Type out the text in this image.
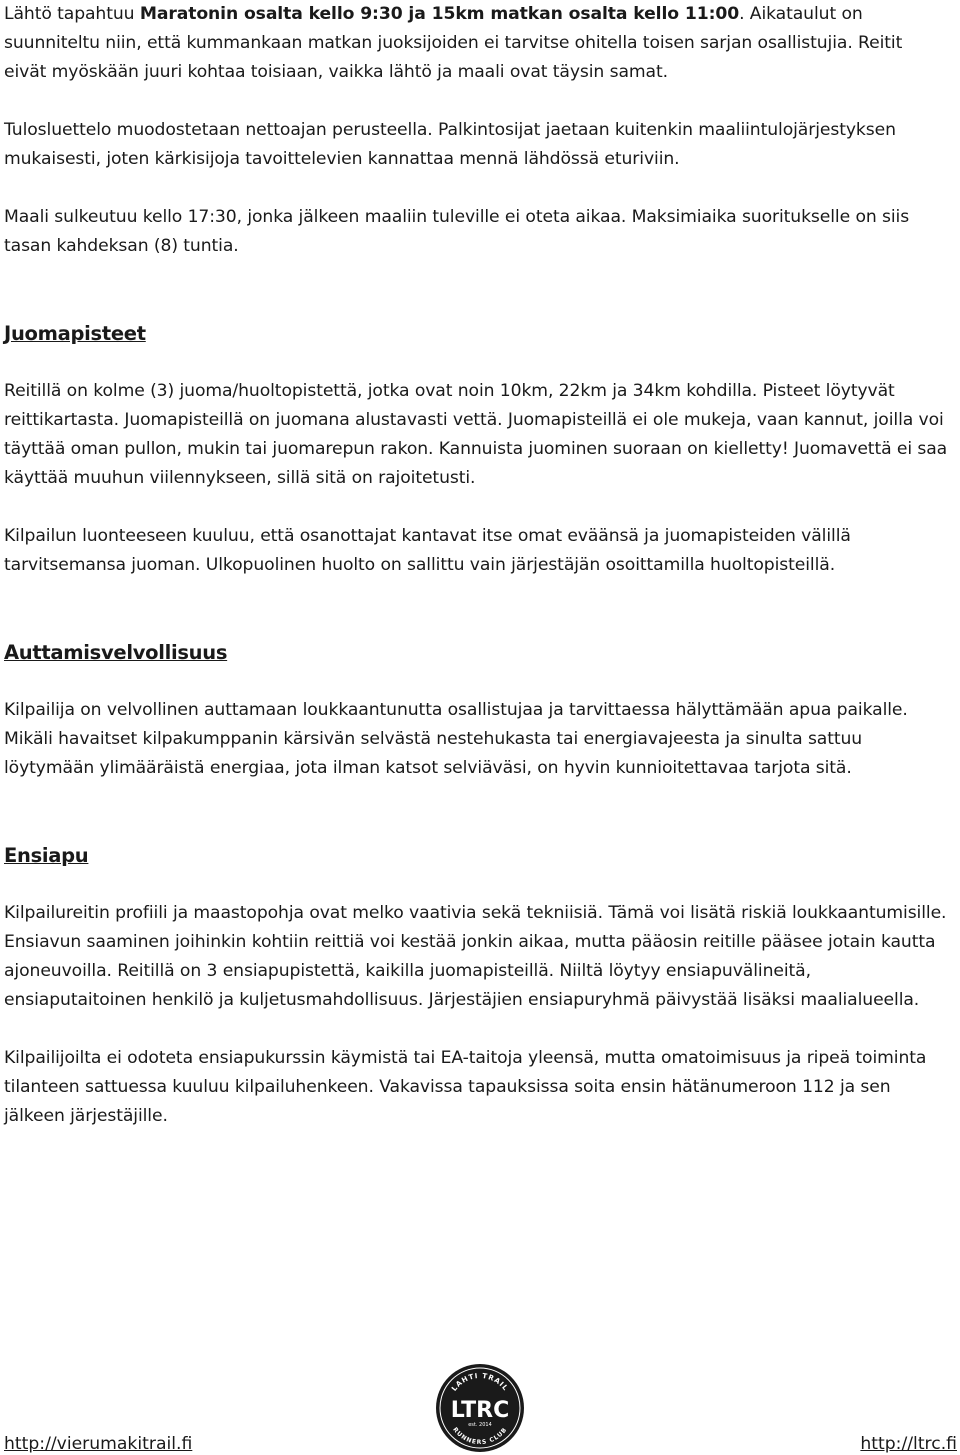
Lähtö tapahtuu Maratonin osalta kello 9:30 ja 15km matkan osalta kello 11:00. Aikataulut on suunniteltu niin, että kummankaan matkan juoksijoiden ei tarvitse ohitella toisen sarjan osallistujia. Reitit eivät myöskään juuri kohtaa toisiaan, vaikka lähtö ja maali ovat täysin samat.

Tulosluettelo muodostetaan nettoajan perusteella. Palkintosijat jaetaan kuitenkin maaliintulojärjestyksen mukaisesti, joten kärkisijoja tavoittelevien kannattaa mennä lähdössä eturiviin.

Maali sulkeutuu kello 17:30, jonka jälkeen maaliin tuleville ei oteta aikaa. Maksimiaika suoritukselle on siis tasan kahdeksan (8) tuntia.

Juomapisteet

Reitillä on kolme (3) juoma/huoltopistettä, jotka ovat noin 10km, 22km ja 34km kohdilla. Pisteet löytyvät reittikartasta. Juomapisteillä on juomana alustavasti vettä. Juomapisteillä ei ole mukeja, vaan kannut, joilla voi täyttää oman pullon, mukin tai juomarepun rakon. Kannuista juominen suoraan on kielletty! Juomavettä ei saa käyttää muuhun viilennykseen, sillä sitä on rajoitetusti.

Kilpailun luonteeseen kuuluu, että osanottajat kantavat itse omat eväänsä ja juomapisteiden välillä tarvitsemansa juoman. Ulkopuolinen huolto on sallittu vain järjestäjän osoittamilla huoltopisteillä.

Auttamisvelvollisuus

Kilpailija on velvollinen auttamaan loukkaantunutta osallistujaa ja tarvittaessa hälyttämään apua paikalle. Mikäli havaitset kilpakumppanin kärsivän selvästä nestehukasta tai energiavajeesta ja sinulta sattuu löytymään ylimääräistä energiaa, jota ilman katsot selviäväsi, on hyvin kunnioitettavaa tarjota sitä.

Ensiapu

Kilpailureitin profiili ja maastopohja ovat melko vaativia sekä tekniisiä. Tämä voi lisätä riskiä loukkaantumisille. Ensiavun saaminen joihinkin kohtiin reittiä voi kestää jonkin aikaa, mutta pääosin reitille pääsee jotain kautta ajoneuvoilla. Reitillä on 3 ensiapupistettä, kaikilla juomapisteillä. Niiltä löytyy ensiapuvälineitä, ensiaputaitoinen henkilö ja kuljetusmahdollisuus. Järjestäjien ensiapuryhmä päivystää lisäksi maalialueella.

Kilpailijoilta ei odoteta ensiapukurssin käymistä tai EA-taitoja yleensä, mutta omatoimisuus ja ripeä toiminta tilanteen sattuessa kuuluu kilpailuhenkeen. Vakavissa tapauksissa soita ensin hätänumeroon 112 ja sen jälkeen järjestäjille.

LAHTI TRAIL
LTRC
est. 2014
RUNNERS CLUB
http://vierumakitrail.fi	http://ltrc.fi
